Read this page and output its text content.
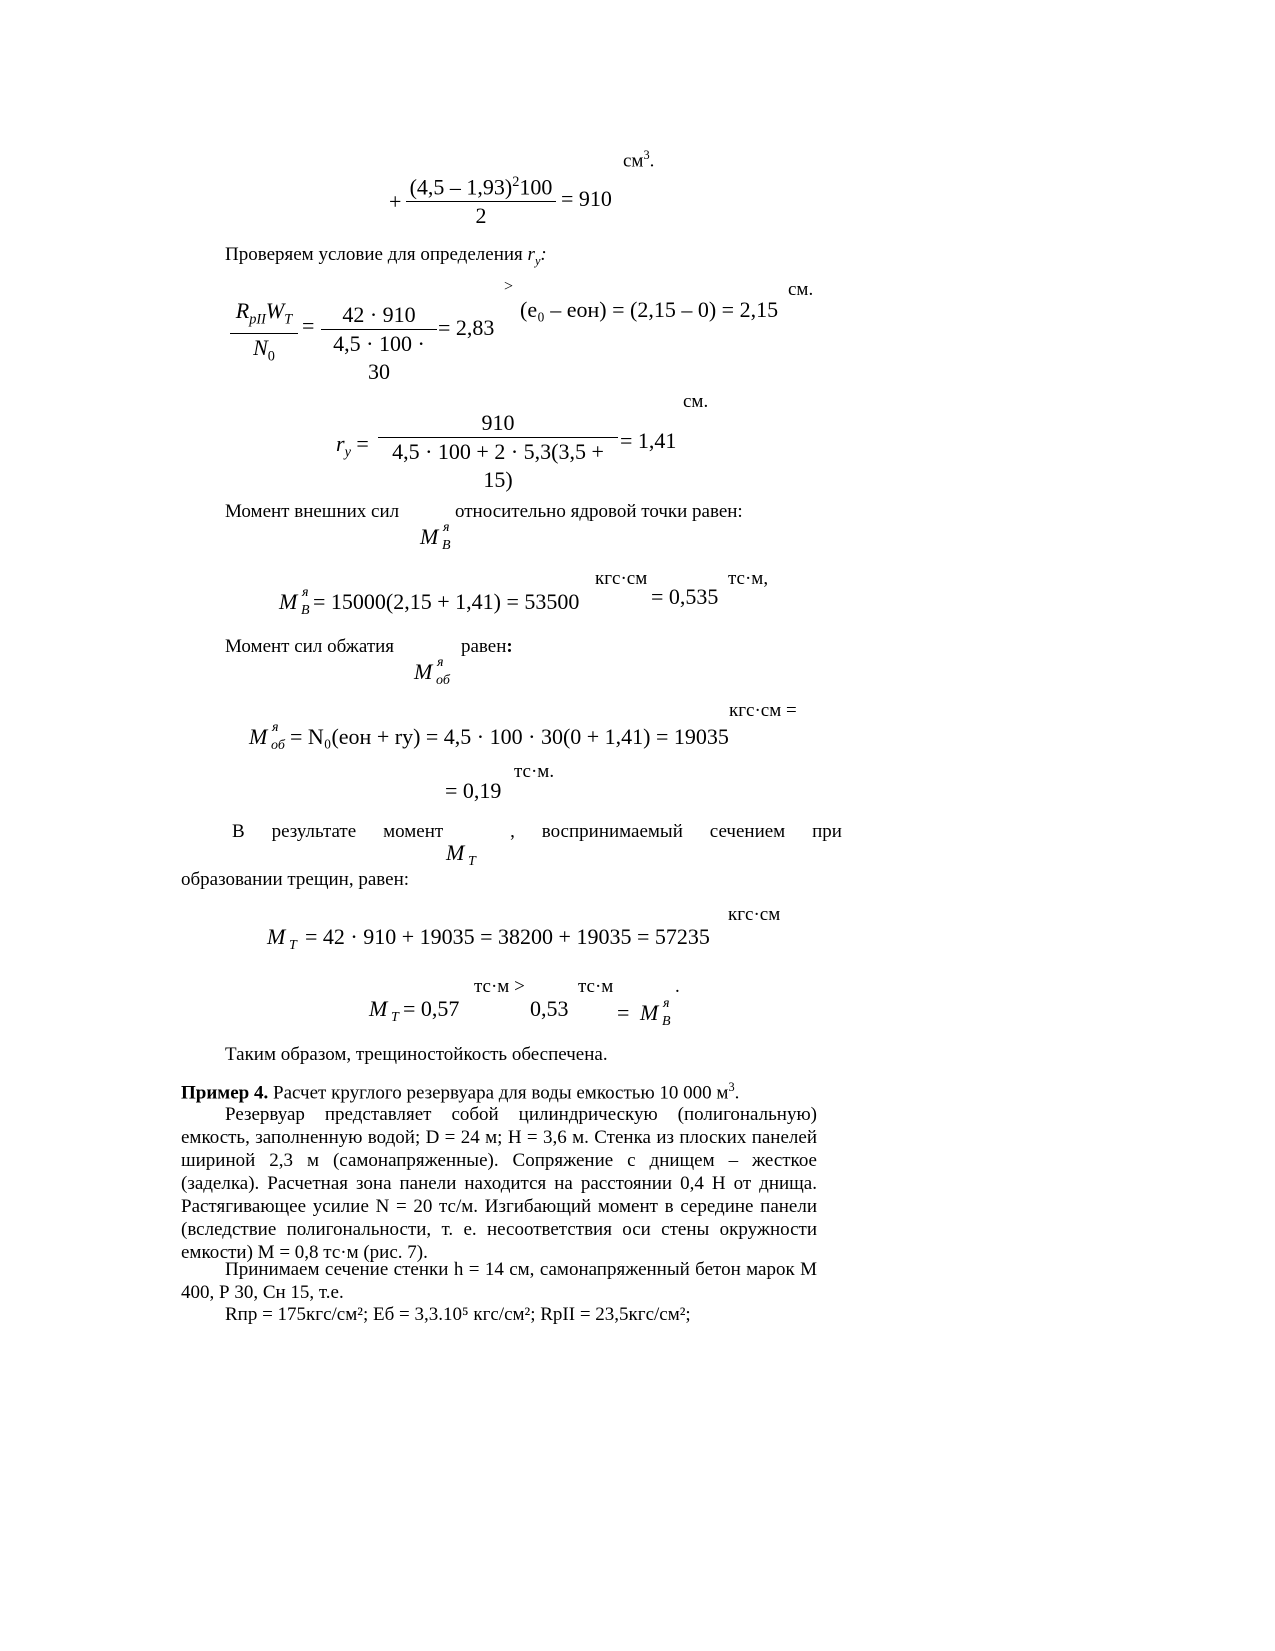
$см^3$.
+ $\frac{(4,5 - 1,93)^2100}{2} = 910$
Проверяем условие для определения $r_у$:
>	см.
$R_{рII}W_T$
$N_0$
= $\frac{42 \cdot 910}{4,5 \cdot 100 \cdot 30} = 2,83$
(e₀ – eон) = (2,15 – 0) = 2,15
см.
$r_y = \frac{910}{4,5 \cdot 100 + 2 \cdot 5,3(3,5 + 15)} = 1,41$
Момент внешних сил	относительно ядровой точки равен:
M я
B
кгс·см	тс·м,
M я
B = 15000(2,15 + 1,41) = 53500	= 0,535
Момент сил обжатия	равен:
M я
об
кгс·см =
M я
об = N₀(eон + rу) = 4,5 · 100 · 30(0 + 1,41) = 19035
= 0,19
тс·м.
В результате момент	, воспринимаемый сечением при
M T
образовании трещин, равен:
кгс·см
M T = 42 · 910 + 19035 = 38200 + 19035 = 57235
тс·м >	тс·м	.
M T = 0,57	0,53 = M я
B
Таким образом, трещиностойкость обеспечена.
Пример 4. Расчет круглого резервуара для воды емкостью 10 000 $м^3$.
Резервуар представляет собой цилиндрическую (полигональную) емкость, заполненную водой; D = 24 м; H = 3,6 м. Стенка из плоских панелей шириной 2,3 м (самонапряженные). Сопряжение с днищем – жесткое (заделка). Расчетная зона панели находится на расстоянии 0,4 H от днища. Растягивающее усилие N = 20 тс/м. Изгибающий момент в середине панели (вследствие полигональности, т. е. несоответствия оси стены окружности емкости) M = 0,8 тс·м (рис. 7).
Принимаем сечение стенки h = 14 см, самонапряженный бетон марок М 400, Р 30, Сн 15, т.е.
Rпр = 175кгс/см²; Eб = 3,3.10⁵ кгс/см²; RрII = 23,5кгс/см²;
